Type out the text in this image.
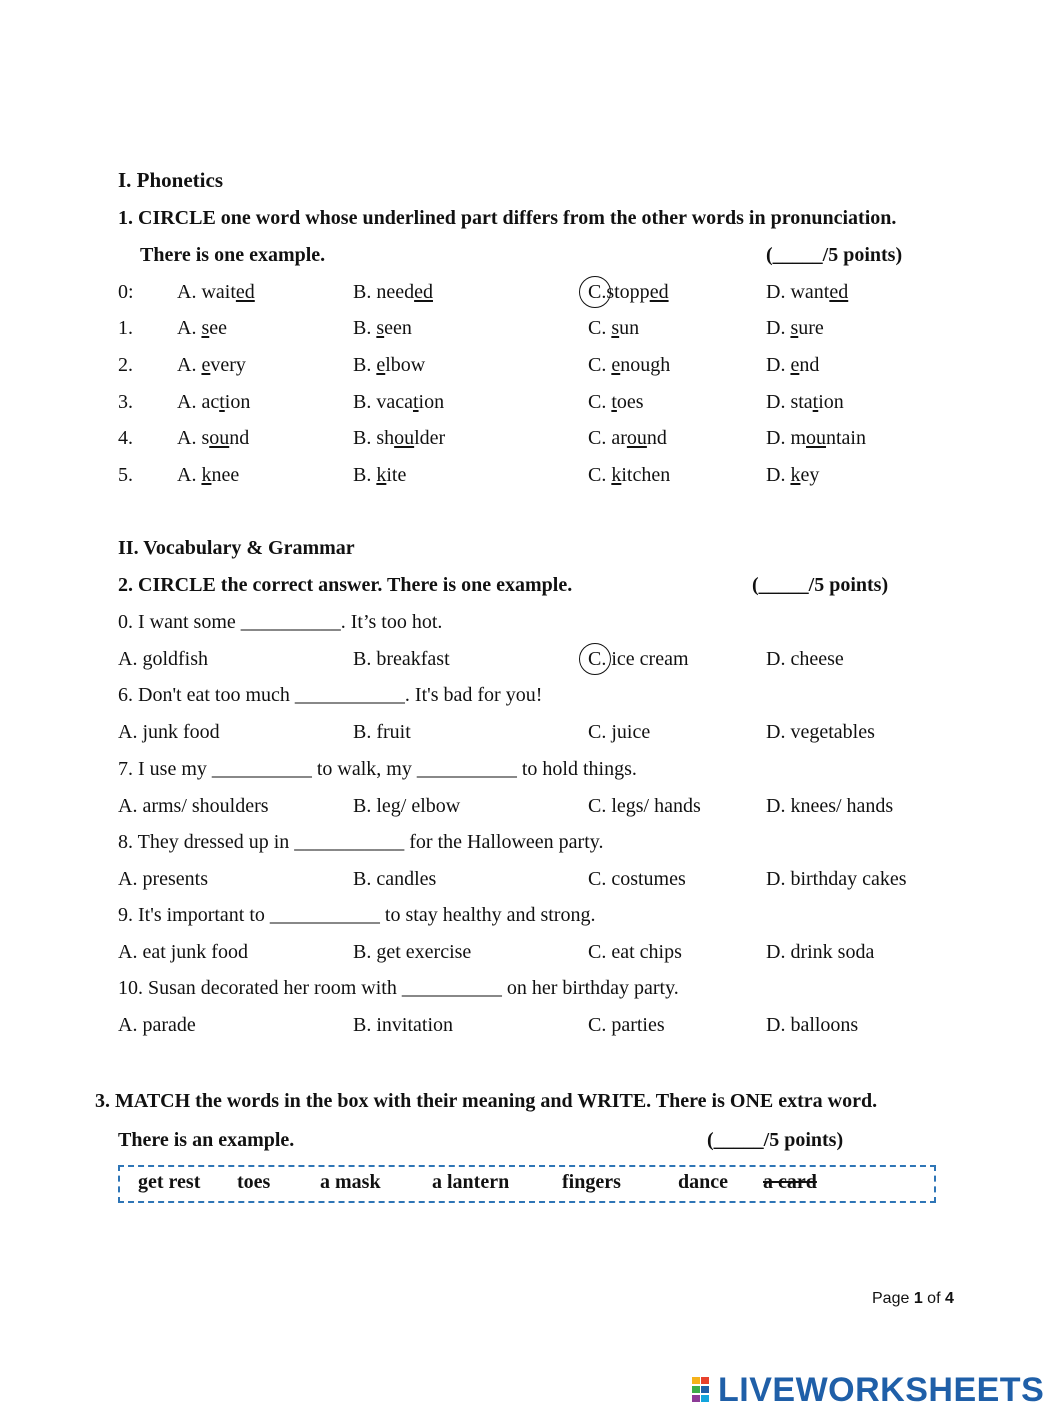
I. Phonetics
1. CIRCLE one word whose underlined part differs from the other words in pronunciation.
There is one example.	(_____/5 points)
0: A. waited	B. needed	C.stopped	D. wanted
1. A. see	B. seen	C. sun	D. sure
2. A. every	B. elbow	C. enough	D. end
3. A. action	B. vacation	C. toes	D. station
4. A. sound	B. shoulder	C. around	D. mountain
5. A. knee	B. kite	C. kitchen	D. key
II. Vocabulary & Grammar
2. CIRCLE the correct answer. There is one example.	(_____/5 points)
0. I want some __________. It’s too hot.
A. goldfish	B. breakfast	C. ice cream	D. cheese
6. Don't eat too much ___________. It's bad for you!
A. junk food	B. fruit	C. juice	D. vegetables
7. I use my __________ to walk, my __________ to hold things.
A. arms/ shoulders	B. leg/ elbow	C. legs/ hands	D. knees/ hands
8. They dressed up in ___________ for the Halloween party.
A. presents	B. candles	C. costumes	D. birthday cakes
9. It's important to ___________ to stay healthy and strong.
A. eat junk food	B. get exercise	C. eat chips	D. drink soda
10. Susan decorated her room with __________ on her birthday party.
A. parade	B. invitation	C. parties	D. balloons
3. MATCH the words in the box with their meaning and WRITE. There is ONE extra word.
There is an example.	(_____/5 points)
get rest toes a mask	a lantern	fingers	dance a card
Page 1 of 4
LIVEWORKSHEETS
